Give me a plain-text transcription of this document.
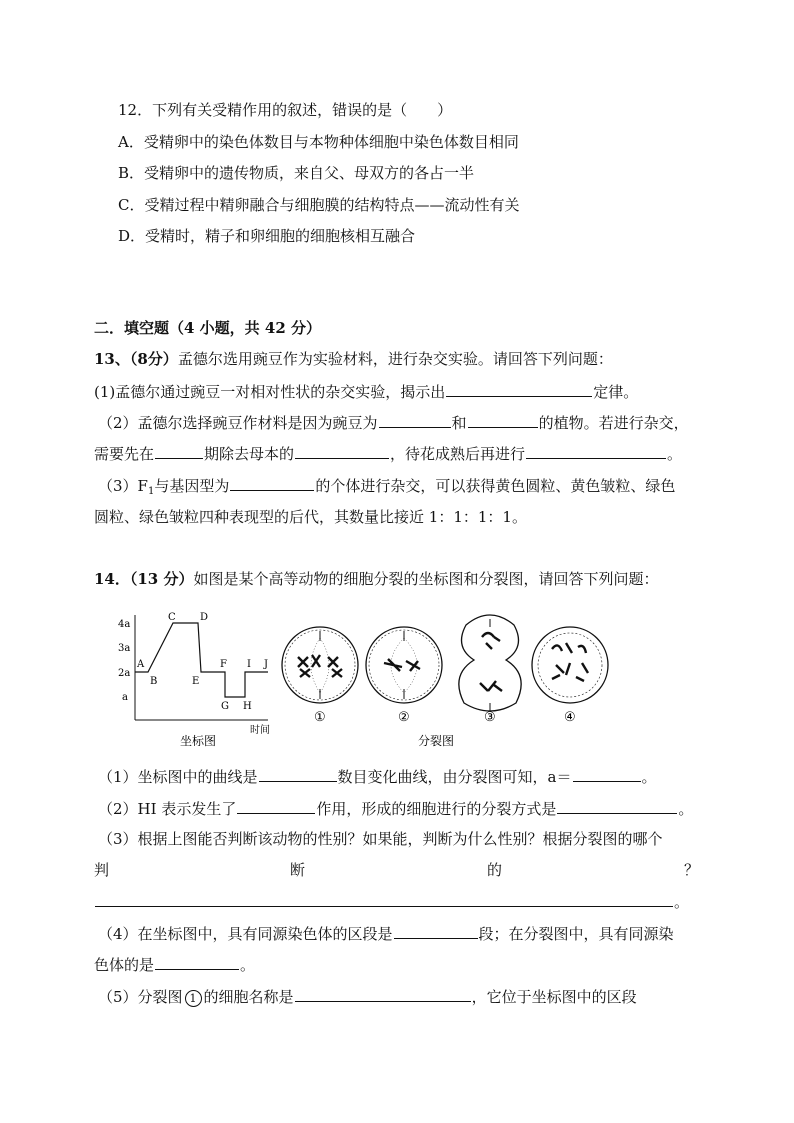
12．下列有关受精作用的叙述，错误的是（　　）
A．受精卵中的染色体数目与本物种体细胞中染色体数目相同
B．受精卵中的遗传物质，来自父、母双方的各占一半
C．受精过程中精卵融合与细胞膜的结构特点——流动性有关
D．受精时，精子和卵细胞的细胞核相互融合
二．填空题（4 小题，共 42 分）
13、（8分）孟德尔选用豌豆作为实验材料，进行杂交实验。请回答下列问题：
(1)孟德尔通过豌豆一对相对性状的杂交实验，揭示出	定律。
（2）孟德尔选择豌豆作材料是因为豌豆为	和	的植物。若进行杂交，
需要先在	期除去母本的	，待花成熟后再进行	。
$(3)F_1$与基因型为	的个体进行杂交，可以获得黄色圆粒、黄色皱粒、绿色
圆粒、绿色皱粒四种表现型的后代，其数量比接近 1：1：1：1。
14．（13 分）如图是某个高等动物的细胞分裂的坐标图和分裂图，请回答下列问题：
4a
3a
2a
a
A
B
C D
E
F
G H
I J
时间
坐标图
①	②	③	④
分裂图
（1）坐标图中的曲线是	数目变化曲线，由分裂图可知，a＝	。
（2）HI 表示发生了	作用，形成的细胞进行的分裂方式是	。
（3）根据上图能否判断该动物的性别？如果能，判断为什么性别？根据分裂图的哪个
判	断	的	？
。
（4）在坐标图中，具有同源染色体的区段是	段；在分裂图中，具有同源染
色体的是	。
（5）分裂图 1 的细胞名称是	，它位于坐标图中的区段
